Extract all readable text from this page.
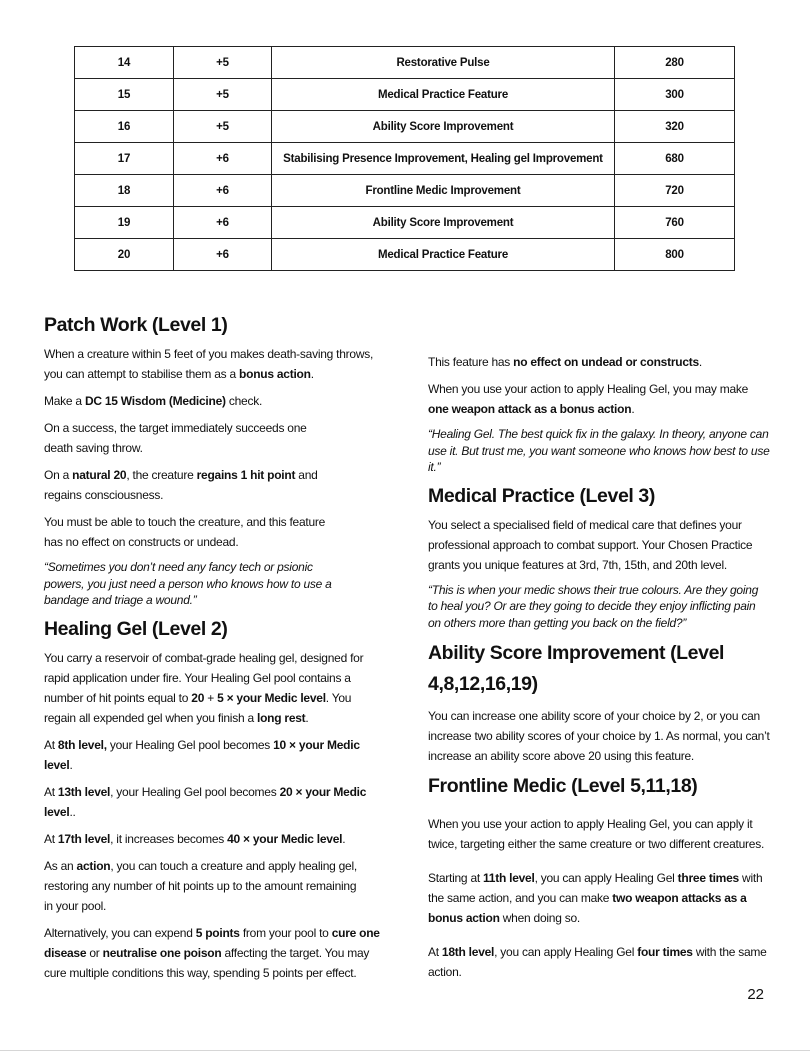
14	+5	Restorative Pulse	280
15	+5	Medical Practice Feature	300
16	+5	Ability Score Improvement	320
17	+6	Stabilising Presence Improvement, Healing gel Improvement	680
18	+6	Frontline Medic Improvement	720
19	+6	Ability Score Improvement	760
20	+6	Medical Practice Feature	800
Patch Work (Level 1)

When a creature within 5 feet of you makes death-saving throws, you can attempt to stabilise them as a bonus action.

Make a DC 15 Wisdom (Medicine) check.

On a success, the target immediately succeeds one death saving throw.

On a natural 20, the creature regains 1 hit point and regains consciousness.

You must be able to touch the creature, and this feature has no effect on constructs or undead.

“Sometimes you don’t need any fancy tech or psionic powers, you just need a person who knows how to use a bandage and triage a wound.”

Healing Gel (Level 2)

You carry a reservoir of combat-grade healing gel, designed for rapid application under fire. Your Healing Gel pool contains a number of hit points equal to 20 + 5 × your Medic level. You regain all expended gel when you finish a long rest.

At 8th level, your Healing Gel pool becomes 10 × your Medic level.

At 13th level, your Healing Gel pool becomes 20 × your Medic level..

At 17th level, it increases becomes 40 × your Medic level.

As an action, you can touch a creature and apply healing gel, restoring any number of hit points up to the amount remaining in your pool.

Alternatively, you can expend 5 points from your pool to cure one disease or neutralise one poison affecting the target. You may cure multiple conditions this way, spending 5 points per effect.

This feature has no effect on undead or constructs.

When you use your action to apply Healing Gel, you may make one weapon attack as a bonus action.

“Healing Gel. The best quick fix in the galaxy. In theory, anyone can use it. But trust me, you want someone who knows how best to use it.”

Medical Practice (Level 3)

You select a specialised field of medical care that defines your professional approach to combat support. Your Chosen Practice grants you unique features at 3rd, 7th, 15th, and 20th level.

“This is when your medic shows their true colours. Are they going to heal you? Or are they going to decide they enjoy inflicting pain on others more than getting you back on the field?”

Ability Score Improvement (Level 4,8,12,16,19)

You can increase one ability score of your choice by 2, or you can increase two ability scores of your choice by 1. As normal, you can’t increase an ability score above 20 using this feature.

Frontline Medic (Level 5,11,18)

When you use your action to apply Healing Gel, you can apply it twice, targeting either the same creature or two different creatures.

Starting at 11th level, you can apply Healing Gel three times with the same action, and you can make two weapon attacks as a bonus action when doing so.

At 18th level, you can apply Healing Gel four times with the same action.

22
